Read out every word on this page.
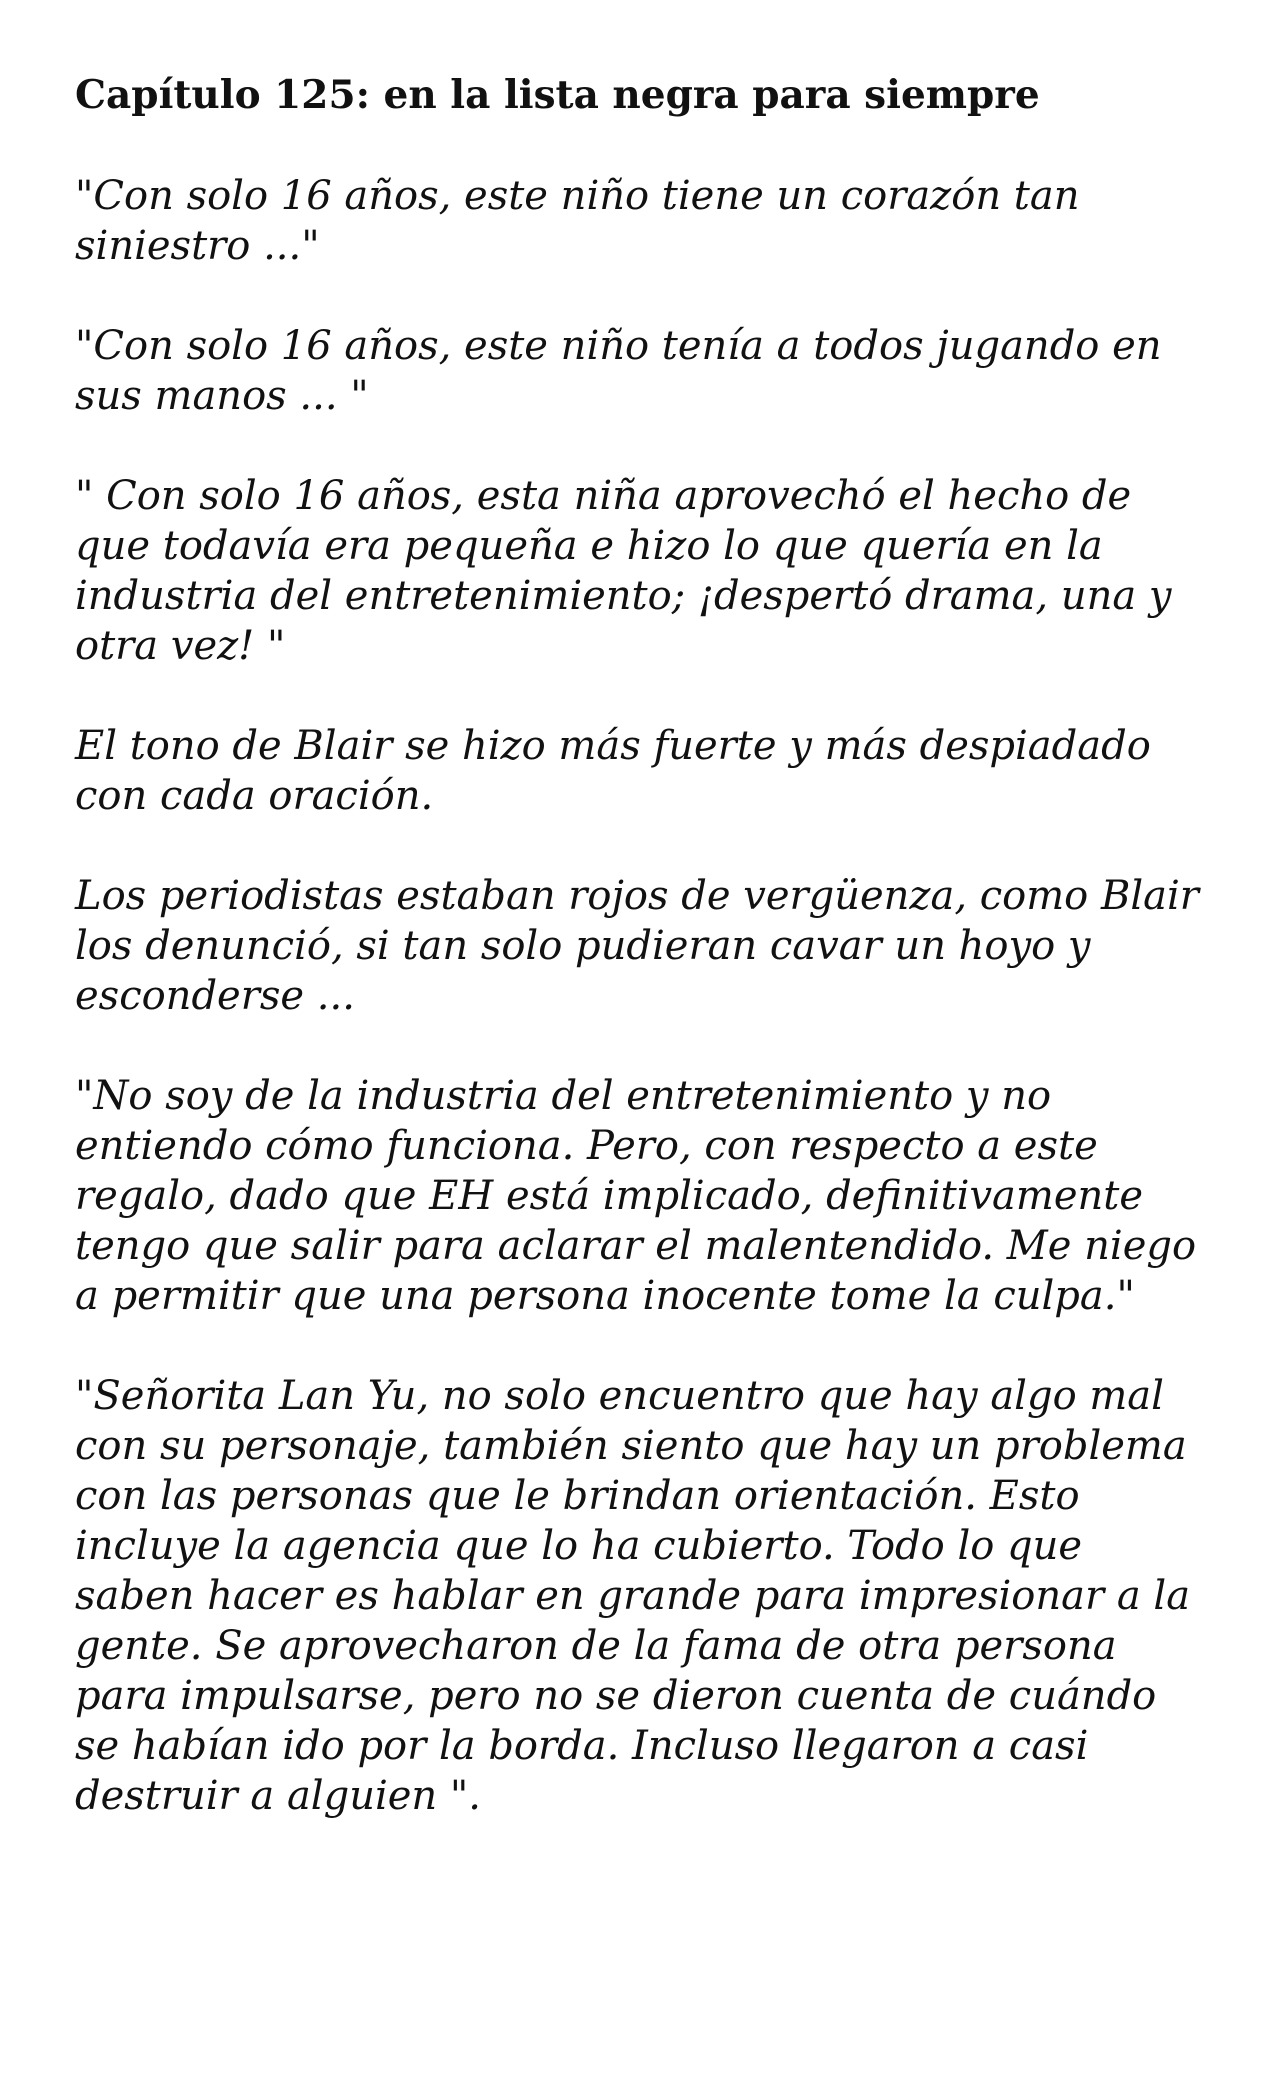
Capítulo 125: en la lista negra para siempre

"Con solo 16 años, este niño tiene un corazón tan siniestro ..."

"Con solo 16 años, este niño tenía a todos jugando en sus manos ... "

" Con solo 16 años, esta niña aprovechó el hecho de que todavía era pequeña e hizo lo que quería en la industria del entretenimiento; ¡despertó drama, una y otra vez! "

El tono de Blair se hizo más fuerte y más despiadado con cada oración.

Los periodistas estaban rojos de vergüenza, como Blair los denunció, si tan solo pudieran cavar un hoyo y esconderse ...

"No soy de la industria del entretenimiento y no entiendo cómo funciona. Pero, con respecto a este regalo, dado que EH está implicado, definitivamente tengo que salir para aclarar el malentendido. Me niego a permitir que una persona inocente tome la culpa."

"Señorita Lan Yu, no solo encuentro que hay algo mal con su personaje, también siento que hay un problema con las personas que le brindan orientación. Esto incluye la agencia que lo ha cubierto. Todo lo que saben hacer es hablar en grande para impresionar a la gente. Se aprovecharon de la fama de otra persona para impulsarse, pero no se dieron cuenta de cuándo se habían ido por la borda. Incluso llegaron a casi destruir a alguien ".
